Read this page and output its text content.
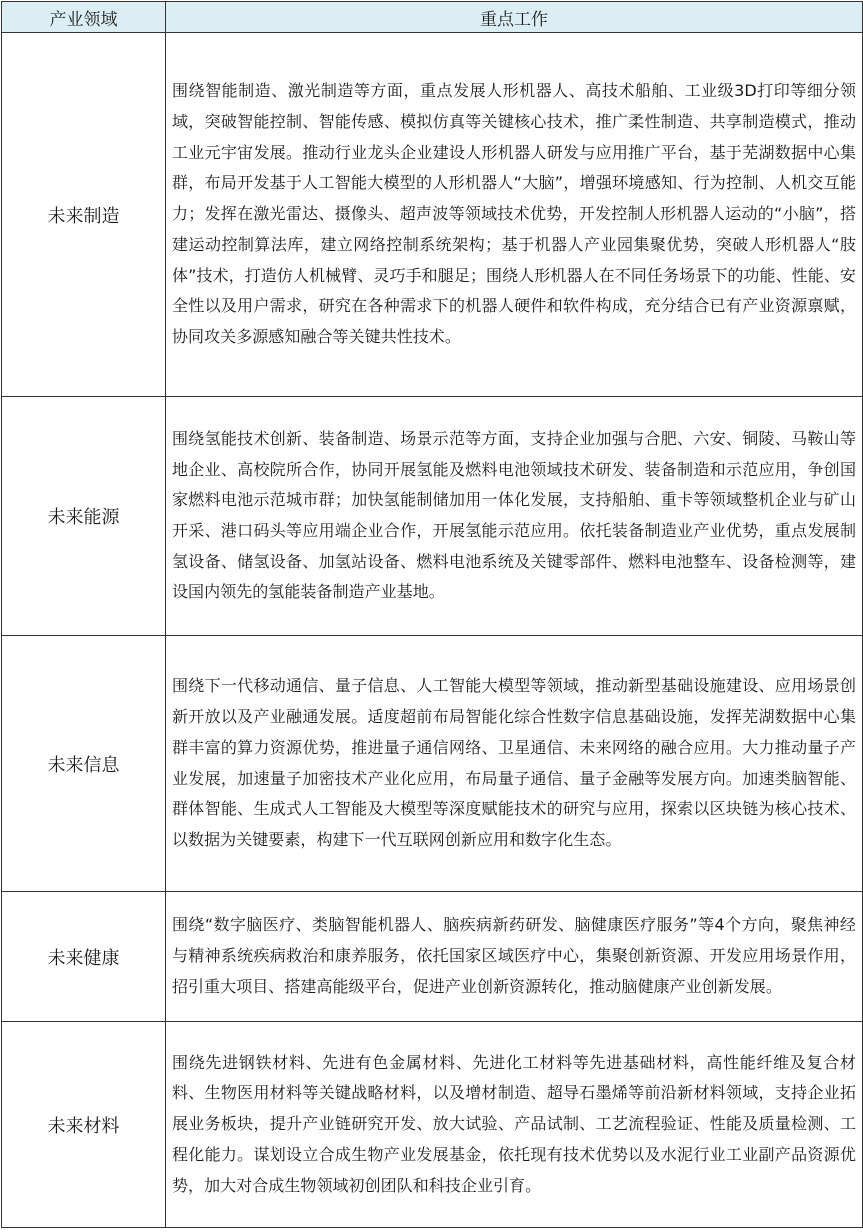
产业领域	重点工作
未来制造	围绕智能制造、激光制造等方面，重点发展人形机器人、高技术船舶、工业级3D打印等细分领域，突破智能控制、智能传感、模拟仿真等关键核心技术，推广柔性制造、共享制造模式，推动工业元宇宙发展。推动行业龙头企业建设人形机器人研发与应用推广平台，基于芜湖数据中心集群，布局开发基于人工智能大模型的人形机器人“大脑”，增强环境感知、行为控制、人机交互能力；发挥在激光雷达、摄像头、超声波等领域技术优势，开发控制人形机器人运动的“小脑”，搭建运动控制算法库，建立网络控制系统架构；基于机器人产业园集聚优势，突破人形机器人“肢体”技术，打造仿人机械臂、灵巧手和腿足；围绕人形机器人在不同任务场景下的功能、性能、安全性以及用户需求，研究在各种需求下的机器人硬件和软件构成，充分结合已有产业资源禀赋，协同攻关多源感知融合等关键共性技术。

未来能源	围绕氢能技术创新、装备制造、场景示范等方面，支持企业加强与合肥、六安、铜陵、马鞍山等地企业、高校院所合作，协同开展氢能及燃料电池领域技术研发、装备制造和示范应用，争创国家燃料电池示范城市群；加快氢能制储加用一体化发展，支持船舶、重卡等领域整机企业与矿山开采、港口码头等应用端企业合作，开展氢能示范应用。依托装备制造业产业优势，重点发展制氢设备、储氢设备、加氢站设备、燃料电池系统及关键零部件、燃料电池整车、设备检测等，建设国内领先的氢能装备制造产业基地。

未来信息	围绕下一代移动通信、量子信息、人工智能大模型等领域，推动新型基础设施建设、应用场景创新开放以及产业融通发展。适度超前布局智能化综合性数字信息基础设施，发挥芜湖数据中心集群丰富的算力资源优势，推进量子通信网络、卫星通信、未来网络的融合应用。大力推动量子产业发展，加速量子加密技术产业化应用，布局量子通信、量子金融等发展方向。加速类脑智能、群体智能、生成式人工智能及大模型等深度赋能技术的研究与应用，探索以区块链为核心技术、以数据为关键要素，构建下一代互联网创新应用和数字化生态。

未来健康	围绕“数字脑医疗、类脑智能机器人、脑疾病新药研发、脑健康医疗服务”等4个方向，聚焦神经与精神系统疾病救治和康养服务，依托国家区域医疗中心，集聚创新资源、开发应用场景作用，招引重大项目、搭建高能级平台，促进产业创新资源转化，推动脑健康产业创新发展。

未来材料	围绕先进钢铁材料、先进有色金属材料、先进化工材料等先进基础材料，高性能纤维及复合材料、生物医用材料等关键战略材料，以及增材制造、超导石墨烯等前沿新材料领域，支持企业拓展业务板块，提升产业链研究开发、放大试验、产品试制、工艺流程验证、性能及质量检测、工程化能力。谋划设立合成生物产业发展基金，依托现有技术优势以及水泥行业工业副产品资源优势，加大对合成生物领域初创团队和科技企业引育。
